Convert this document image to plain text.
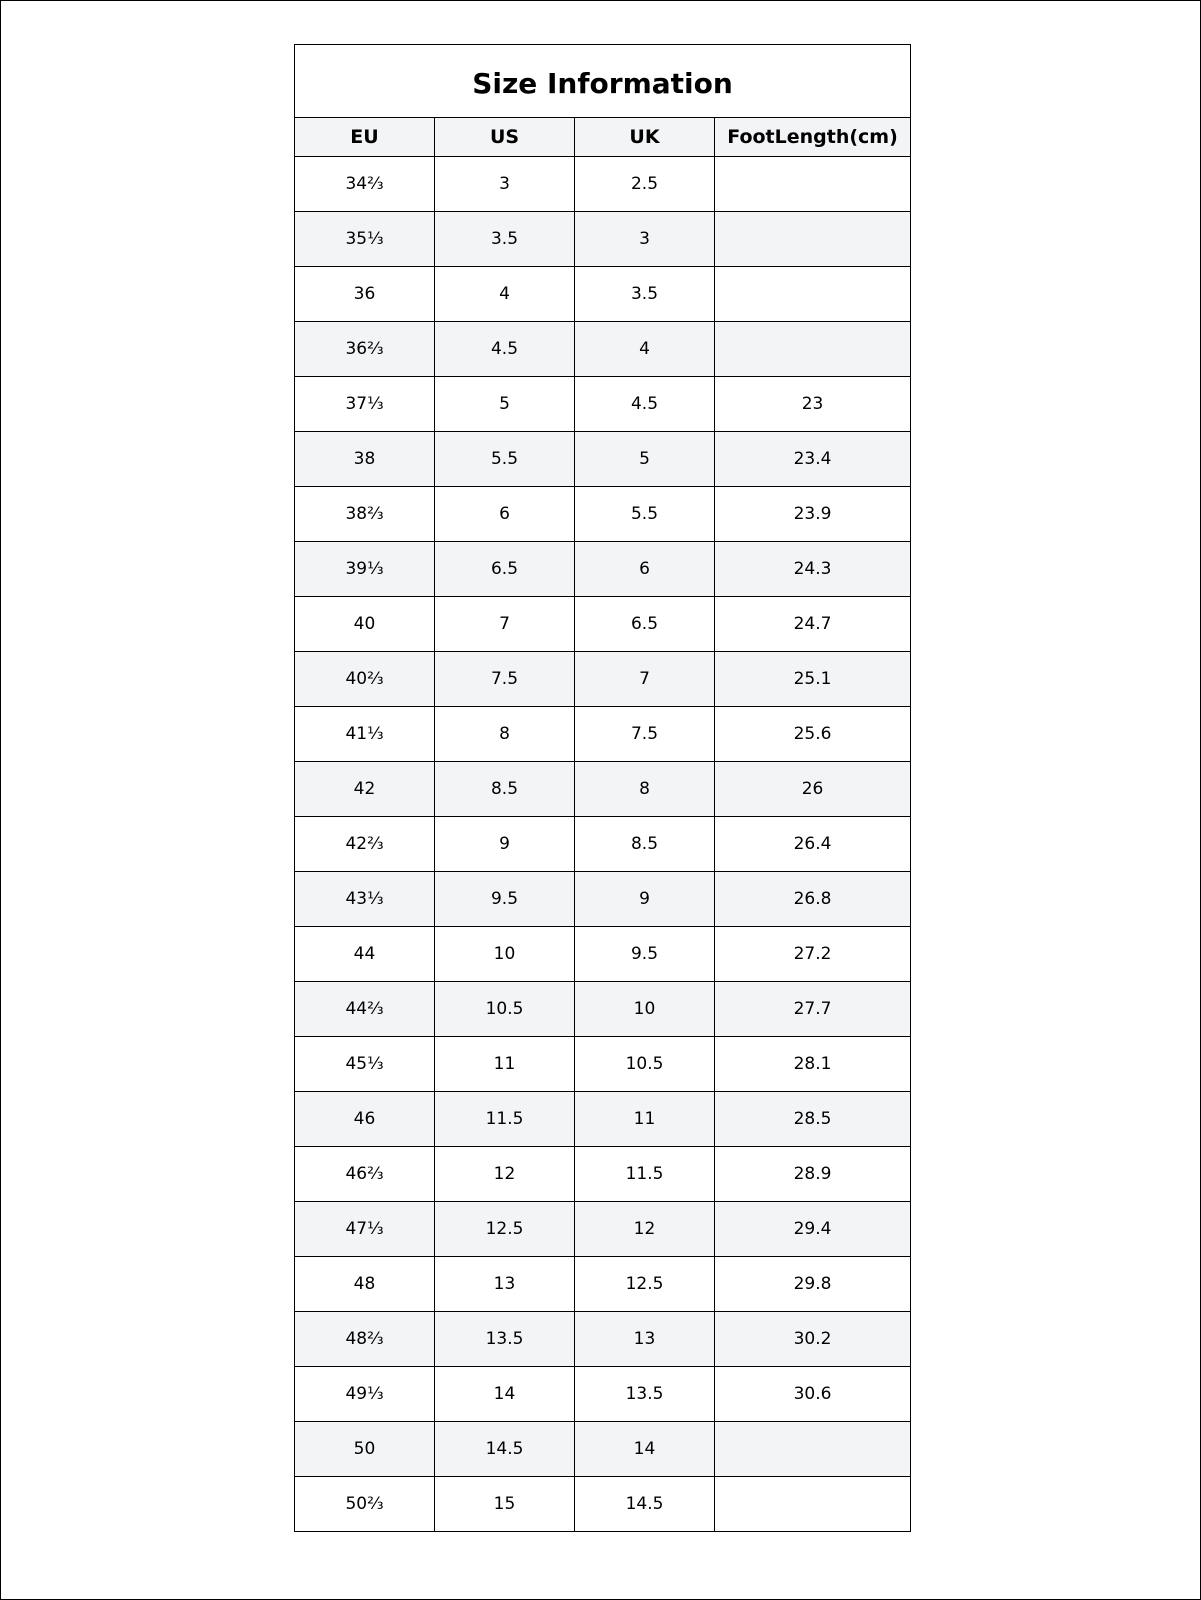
Size Information			
EU	US	UK	FootLength(cm)
34⅔	3	2.5	
35⅓	3.5	3	
36	4	3.5	
36⅔	4.5	4	
37⅓	5	4.5	23
38	5.5	5	23.4
38⅔	6	5.5	23.9
39⅓	6.5	6	24.3
40	7	6.5	24.7
40⅔	7.5	7	25.1
41⅓	8	7.5	25.6
42	8.5	8	26
42⅔	9	8.5	26.4
43⅓	9.5	9	26.8
44	10	9.5	27.2
44⅔	10.5	10	27.7
45⅓	11	10.5	28.1
46	11.5	11	28.5
46⅔	12	11.5	28.9
47⅓	12.5	12	29.4
48	13	12.5	29.8
48⅔	13.5	13	30.2
49⅓	14	13.5	30.6
50	14.5	14	
50⅔	15	14.5	
